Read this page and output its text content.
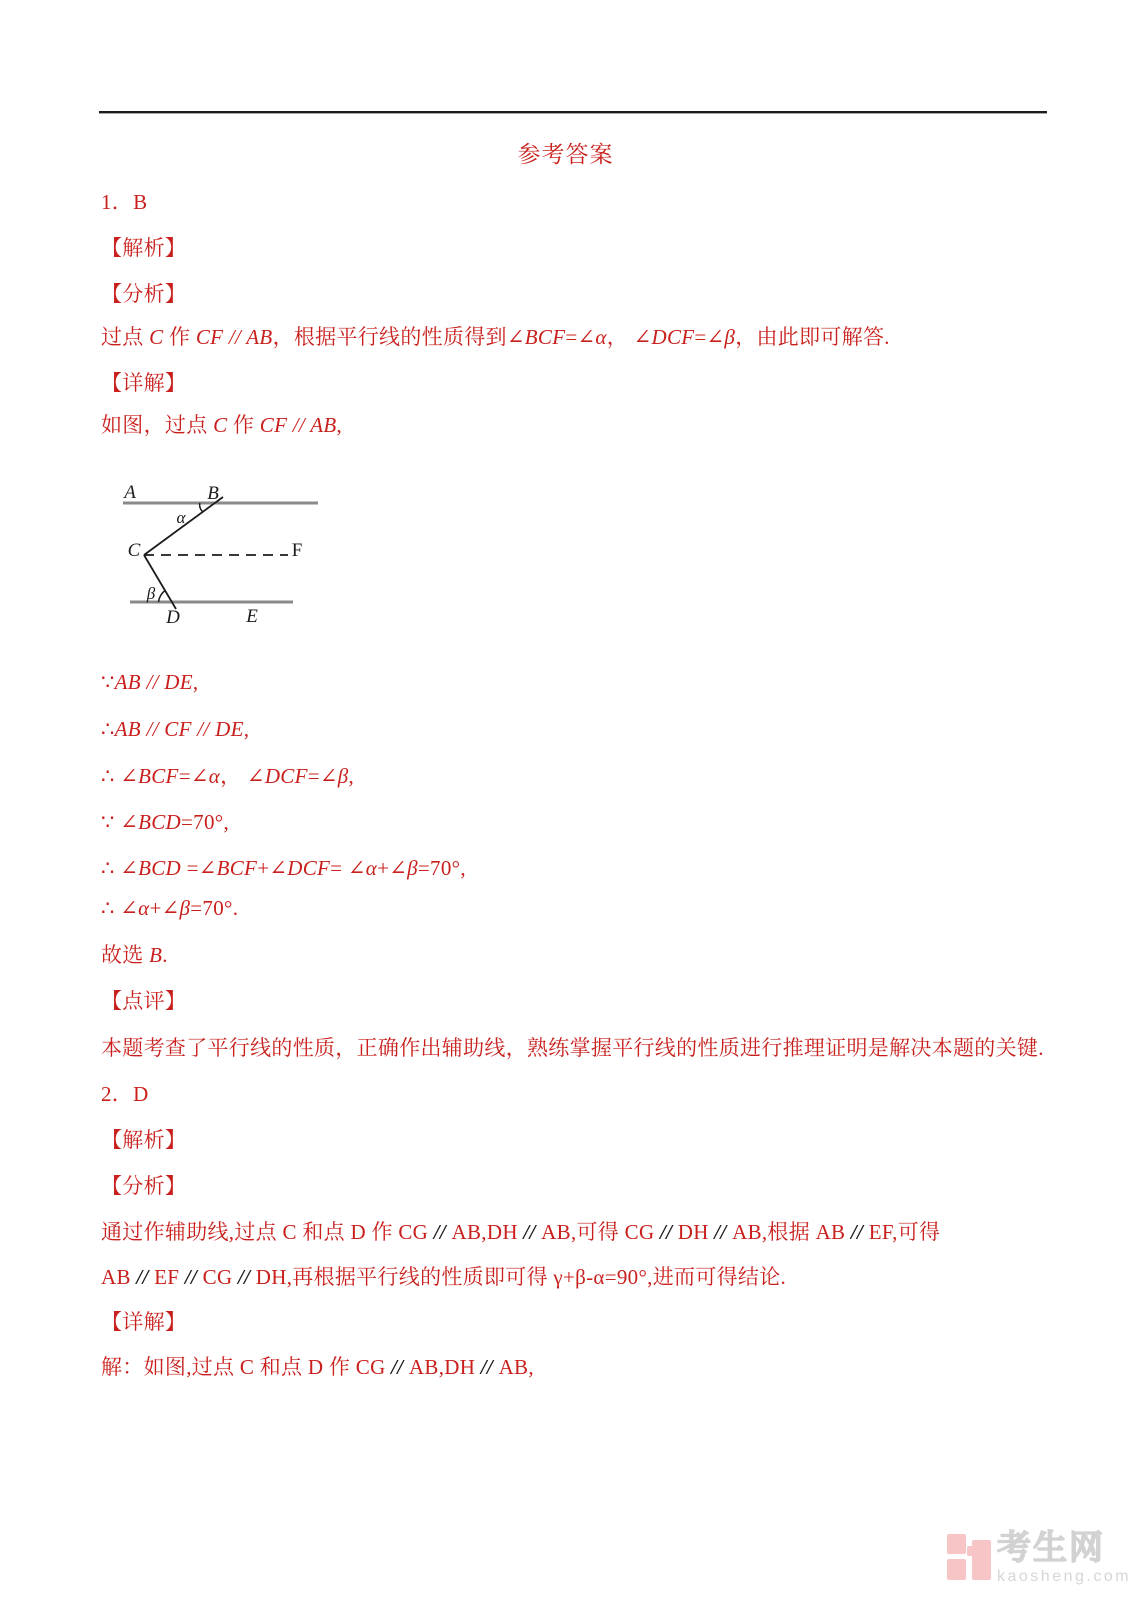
参考答案
1．B
【解析】
【分析】
过点 C 作 CF // AB，根据平行线的性质得到∠BCF=∠α， ∠DCF=∠β，由此即可解答.
【详解】
如图，过点 C 作 CF // AB,
A	B
C	F
D	E
α
β
∵AB // DE,
∴AB // CF // DE,
∴ ∠BCF=∠α， ∠DCF=∠β,
∵ ∠BCD=70°,
∴ ∠BCD =∠BCF+∠DCF= ∠α+∠β=70°,
∴ ∠α+∠β=70°.
故选 B.
【点评】
本题考查了平行线的性质，正确作出辅助线，熟练掌握平行线的性质进行推理证明是解决本题的关键.
2．D
【解析】
【分析】
通过作辅助线,过点 C 和点 D 作 CG // AB,DH // AB,可得 CG // DH // AB,根据 AB // EF,可得
AB // EF // CG // DH,再根据平行线的性质即可得 γ+β-α=90°,进而可得结论.
【详解】
解：如图,过点 C 和点 D 作 CG // AB,DH // AB,
考生网
kaosheng.com
